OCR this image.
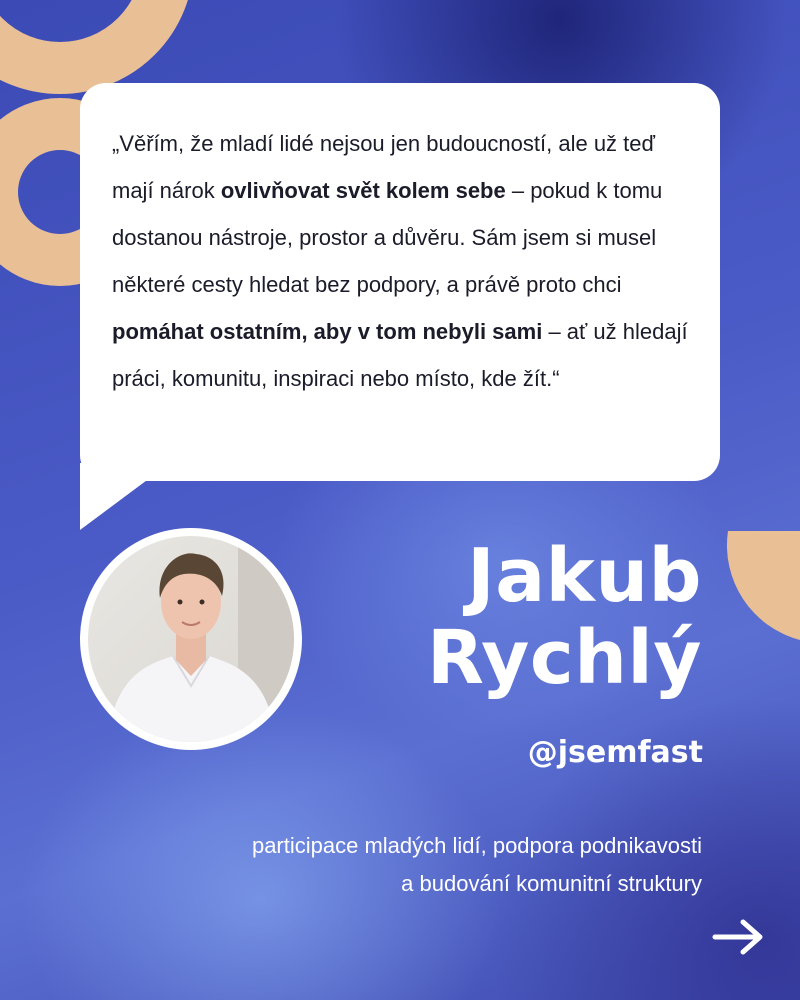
„Věřím, že mladí lidé nejsou jen budoucností, ale už teď mají nárok ovlivňovat svět kolem sebe – pokud k tomu dostanou nástroje, prostor a důvěru. Sám jsem si musel některé cesty hledat bez podpory, a právě proto chci pomáhat ostatním, aby v tom nebyli sami – ať už hledají práci, komunitu, inspiraci nebo místo, kde žít.“

Jakub
Rychlý

@jsemfast

participace mladých lidí, podpora podnikavosti
a budování komunitní struktury
